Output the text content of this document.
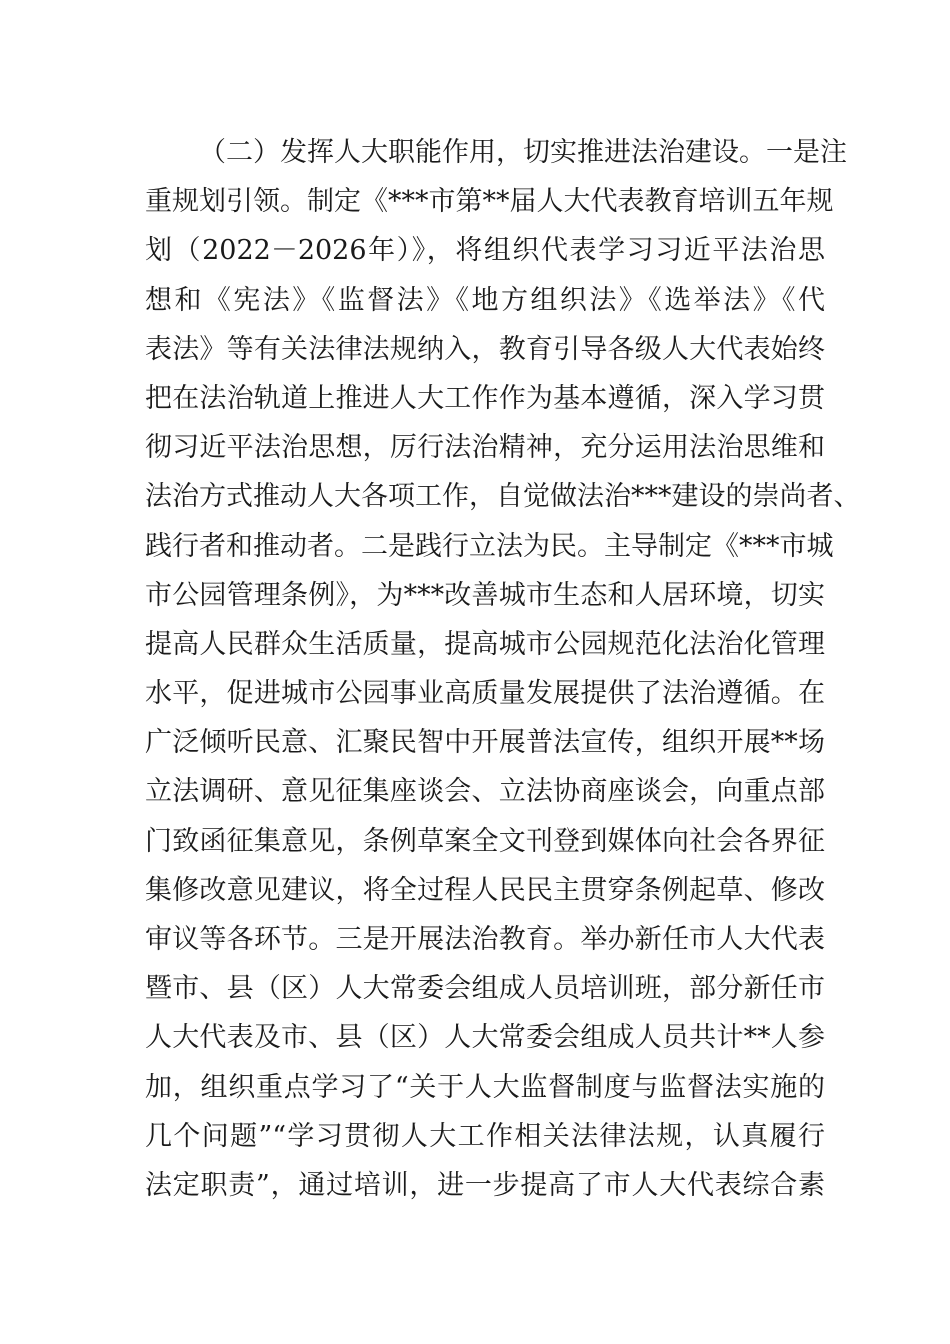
（二）发挥人大职能作用，切实推进法治建设。一是注
重规划引领。制定《***市第**届人大代表教育培训五年规
划（2022－2026年）》，将组织代表学习习近平法治思
想和《宪法》《监督法》《地方组织法》《选举法》《代
表法》等有关法律法规纳入，教育引导各级人大代表始终
把在法治轨道上推进人大工作作为基本遵循，深入学习贯
彻习近平法治思想，厉行法治精神，充分运用法治思维和
法治方式推动人大各项工作，自觉做法治***建设的崇尚者、
践行者和推动者。二是践行立法为民。主导制定《***市城
市公园管理条例》，为***改善城市生态和人居环境，切实
提高人民群众生活质量，提高城市公园规范化法治化管理
水平，促进城市公园事业高质量发展提供了法治遵循。在
广泛倾听民意、汇聚民智中开展普法宣传，组织开展**场
立法调研、意见征集座谈会、立法协商座谈会，向重点部
门致函征集意见，条例草案全文刊登到媒体向社会各界征
集修改意见建议，将全过程人民民主贯穿条例起草、修改
审议等各环节。三是开展法治教育。举办新任市人大代表
暨市、县（区）人大常委会组成人员培训班，部分新任市
人大代表及市、县（区）人大常委会组成人员共计**人参
加，组织重点学习了“关于人大监督制度与监督法实施的
几个问题”“学习贯彻人大工作相关法律法规，认真履行
法定职责”，通过培训，进一步提高了市人大代表综合素
